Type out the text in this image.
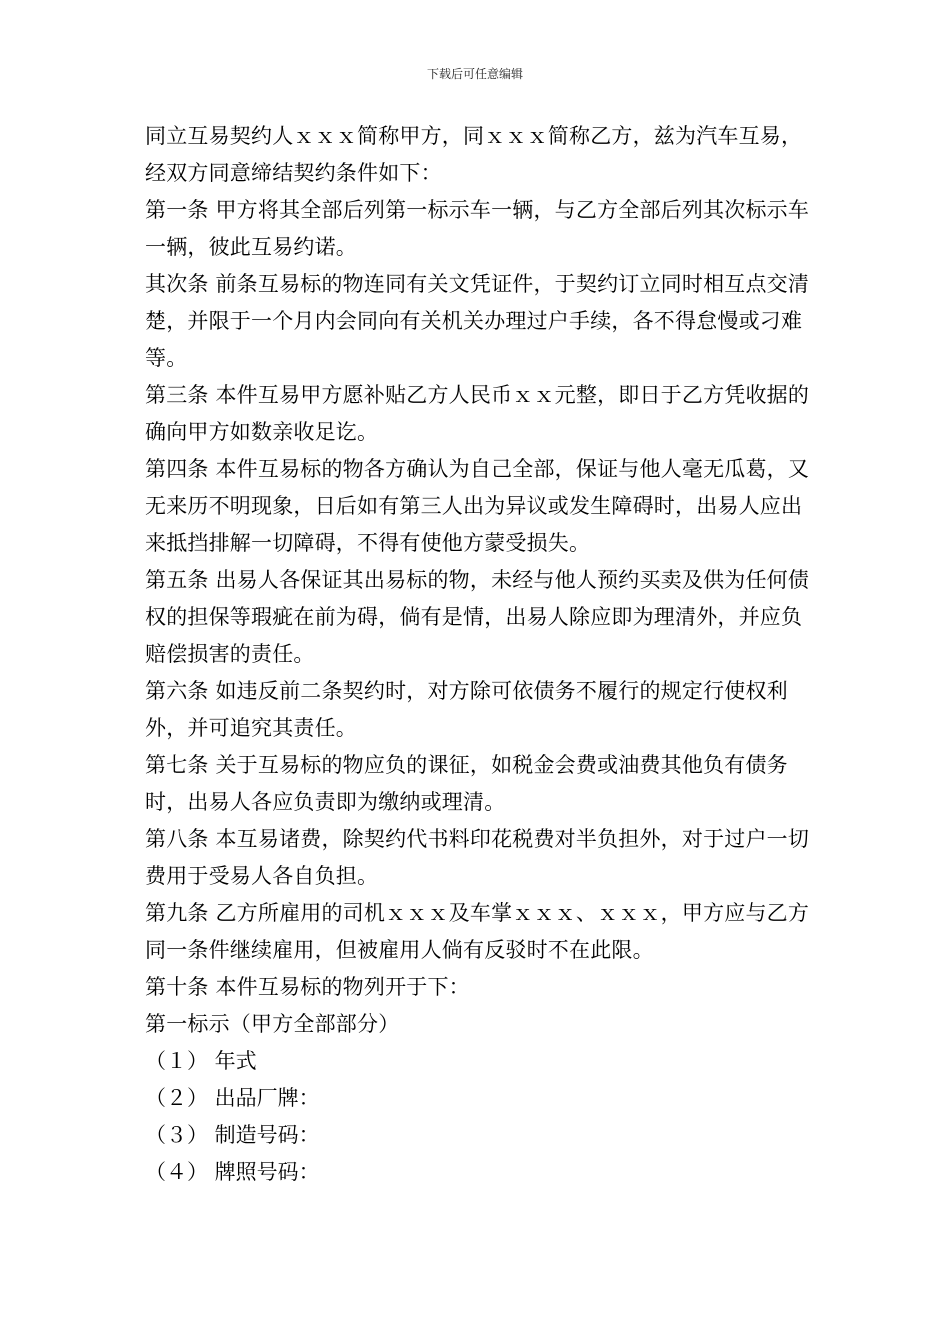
下载后可任意编辑

同立互易契约人ｘｘｘ简称甲方，同ｘｘｘ简称乙方，兹为汽车互易，经双方同意缔结契约条件如下：

第一条 甲方将其全部后列第一标示车一辆，与乙方全部后列其次标示车一辆，彼此互易约诺。

其次条 前条互易标的物连同有关文凭证件，于契约订立同时相互点交清楚，并限于一个月内会同向有关机关办理过户手续，各不得怠慢或刁难等。

第三条 本件互易甲方愿补贴乙方人民币ｘｘ元整，即日于乙方凭收据的确向甲方如数亲收足讫。

第四条 本件互易标的物各方确认为自己全部，保证与他人毫无瓜葛，又无来历不明现象，日后如有第三人出为异议或发生障碍时，出易人应出来抵挡排解一切障碍，不得有使他方蒙受损失。

第五条 出易人各保证其出易标的物，未经与他人预约买卖及供为任何债权的担保等瑕疵在前为碍，倘有是情，出易人除应即为理清外，并应负赔偿损害的责任。

第六条 如违反前二条契约时，对方除可依债务不履行的规定行使权利外，并可追究其责任。

第七条 关于互易标的物应负的课征，如税金会费或油费其他负有债务时，出易人各应负责即为缴纳或理清。

第八条 本互易诸费，除契约代书料印花税费对半负担外，对于过户一切费用于受易人各自负担。

第九条 乙方所雇用的司机ｘｘｘ及车掌ｘｘｘ、ｘｘｘ，甲方应与乙方同一条件继续雇用，但被雇用人倘有反驳时不在此限。

第十条 本件互易标的物列开于下：

第一标示（甲方全部部分）

（１） 年式

（２） 出品厂牌：

（３） 制造号码：

（４） 牌照号码：
